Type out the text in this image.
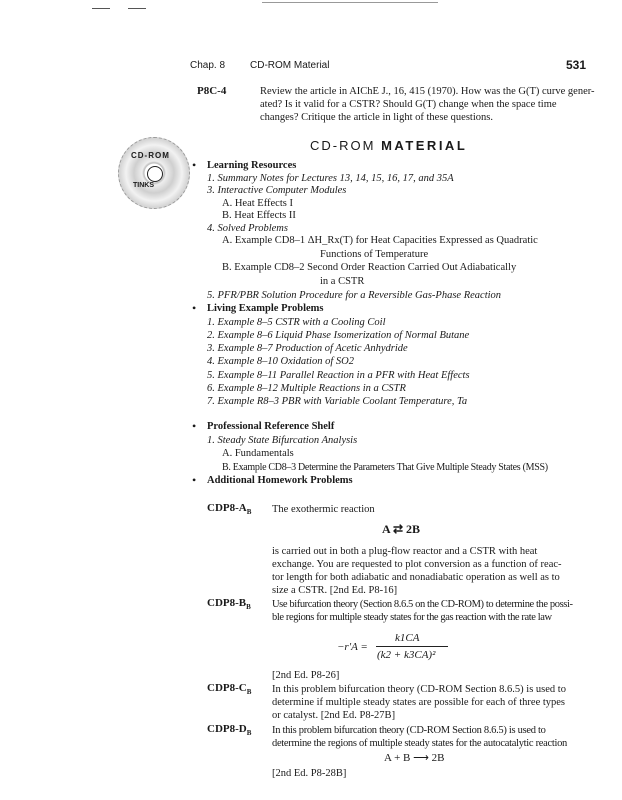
Chap. 8 CD-ROM Material	531
P8C-4	Review the article in AIChE J., 16, 415 (1970). How was the G(T) curve gener-
ated? Is it valid for a CSTR? Should G(T) change when the space time
changes? Critique the article in light of these questions.
CD-ROM
TINKS
CD-ROM MATERIAL
• Learning Resources
1. Summary Notes for Lectures 13, 14, 15, 16, 17, and 35A
3. Interactive Computer Modules
A. Heat Effects I
B. Heat Effects II
4. Solved Problems
A. Example CD8–1 ΔH_Rx(T) for Heat Capacities Expressed as Quadratic
Functions of Temperature
B. Example CD8–2 Second Order Reaction Carried Out Adiabatically
in a CSTR
5. PFR/PBR Solution Procedure for a Reversible Gas-Phase Reaction
• Living Example Problems
1. Example 8–5 CSTR with a Cooling Coil
2. Example 8–6 Liquid Phase Isomerization of Normal Butane
3. Example 8–7 Production of Acetic Anhydride
4. Example 8–10 Oxidation of SO2
5. Example 8–11 Parallel Reaction in a PFR with Heat Effects
6. Example 8–12 Multiple Reactions in a CSTR
7. Example R8–3 PBR with Variable Coolant Temperature, Ta
• Professional Reference Shelf
1. Steady State Bifurcation Analysis
A. Fundamentals
B. Example CD8–3 Determine the Parameters That Give Multiple Steady States (MSS)
• Additional Homework Problems
$CDP8-A_B$ The exothermic reaction
A ⇄ 2B
is carried out in both a plug-flow reactor and a CSTR with heat
exchange. You are requested to plot conversion as a function of reac-
tor length for both adiabatic and nonadiabatic operation as well as to
size a CSTR. [2nd Ed. P8-16]
$CDP8-B_B$ Use bifurcation theory (Section 8.6.5 on the CD-ROM) to determine the possi-
ble regions for multiple steady states for the gas reaction with the rate law
−r′A =
k1CA
(k2 + k3CA)²
[2nd Ed. P8-26]
$CDP8-C_B$ In this problem bifurcation theory (CD-ROM Section 8.6.5) is used to
determine if multiple steady states are possible for each of three types
or catalyst. [2nd Ed. P8-27B]
$CDP8-D_B$ In this problem bifurcation theory (CD-ROM Section 8.6.5) is used to
determine the regions of multiple steady states for the autocatalytic reaction
A + B ⟶ 2B
[2nd Ed. P8-28B]
